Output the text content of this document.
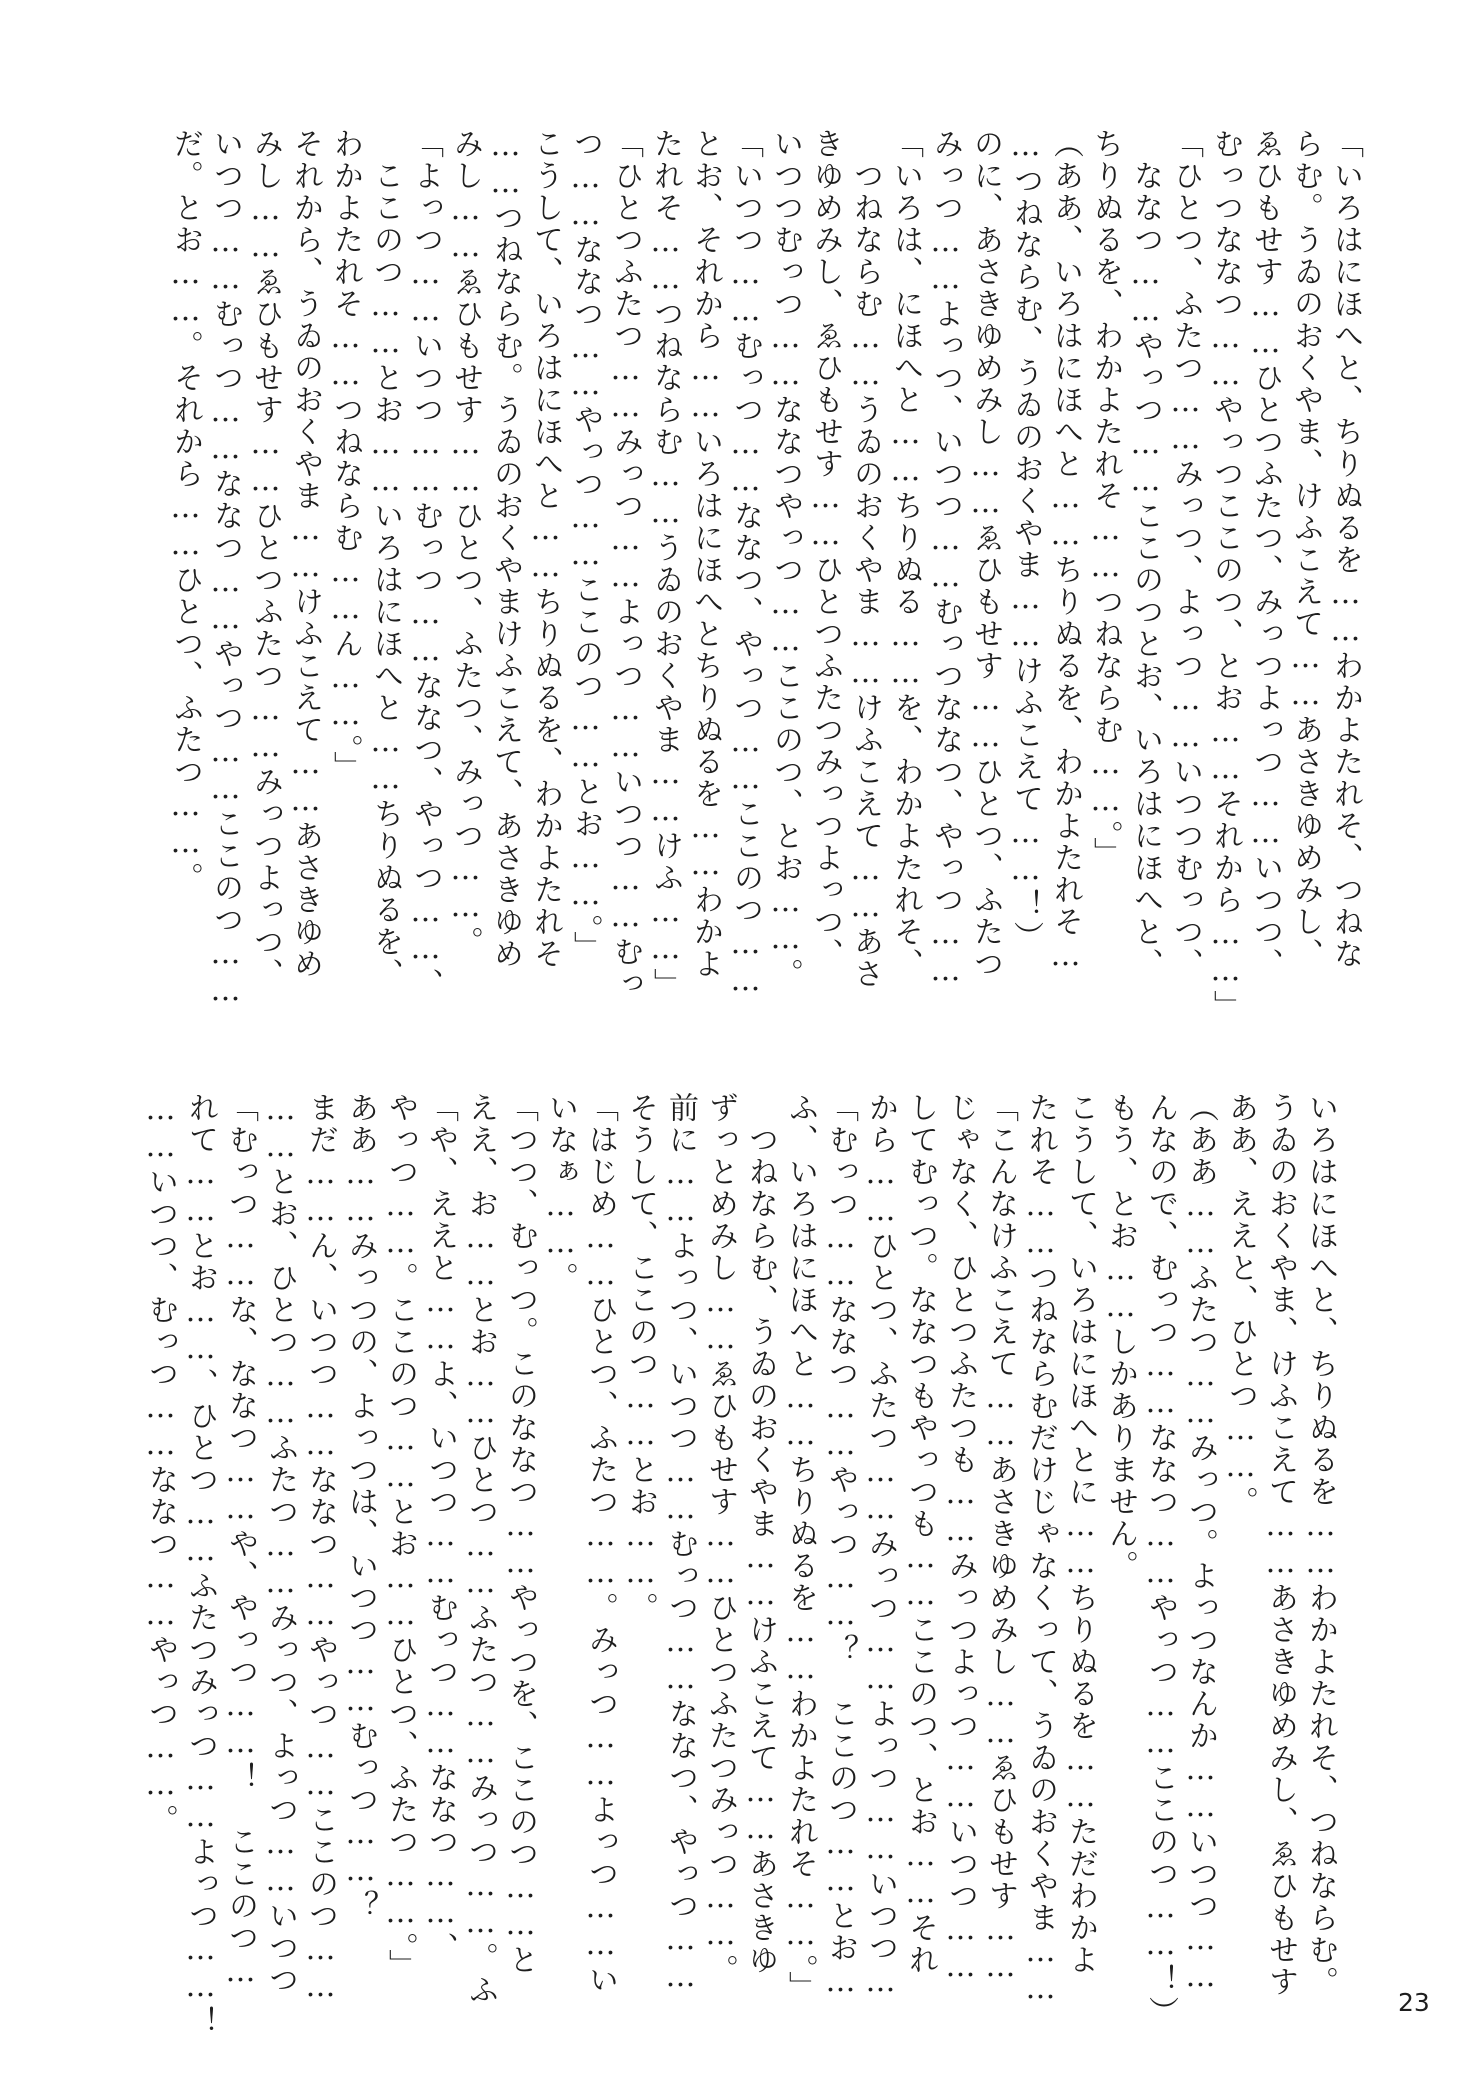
「いろはにほへと、ちりぬるを……わかよたれそ、つねな
らむ。うゐのおくやま、けふこえて……あさきゆめみし、
ゑひもせす……ひとつふたつ、みっつよっつ……いつつ、
むっつななつ……やっつここのつ、とお……それから……」
「ひとつ、ふたつ……みっつ、よっつ……いつつむっつ、
　ななつ……やっつ……ここのつとお、いろはにほへと、
ちりぬるを、わかよたれそ……つねならむ……。」
（ああ、いろはにほへと……ちりぬるを、わかよたれそ…
…つねならむ、うゐのおくやま……けふこえて……！）
のに、あさきゆめみし……ゑひもせす……ひとつ、ふたつ
みっつ……よっつ、いつつ……むっつななつ、やっつ……
「いろは、にほへと……ちりぬる……を、わかよたれそ、
　つねならむ……うゐのおくやま……けふこえて……あさ
きゆめみし、ゑひもせす……ひとつふたつみっつよっつ、
いつつむっつ……ななつやっつ……ここのつ、とお……。
「いつつ……むっつ……ななつ、やっつ……ここのつ……
とお、それから……いろはにほへとちりぬるを……わかよ
たれそ……つねならむ……うゐのおくやま……けふ……」
「ひとつふたつ……みっつ……よっつ……いつつ……むっ
つ……ななつ……やっつ……ここのつ……とお……。」
こうして、いろはにほへと……ちりぬるを、わかよたれそ
……つねならむ。うゐのおくやまけふこえて、あさきゆめ
みし……ゑひもせす……ひとつ、ふたつ、みっつ……。
「よっつ……いつつ……むっつ……ななつ、やっつ……、
　ここのつ……とお……いろはにほへと……ちりぬるを、
わかよたれそ……つねならむ……ん……。」
それから、うゐのおくやま……けふこえて……あさきゆめ
みし……ゑひもせす……ひとつふたつ……みっつよっつ、
いつつ……むっつ……ななつ……やっつ……ここのつ……
だ。とお……。それから……ひとつ、ふたつ……。
いろはにほへと、ちりぬるを……わかよたれそ、つねならむ。
うゐのおくやま、けふこえて……あさきゆめみし、ゑひもせす
ああ、ええと、ひとつ……。
（ああ……ふたつ……みっつ。よっつなんか……いつつ……
んなので、むっつ……ななつ……やっつ……ここのつ……！）
もう、とお……しかありません。
こうして、いろはにほへとに……ちりぬるを……ただわかよ
たれそ……つねならむだけじゃなくって、うゐのおくやま……
「こんなけふこえて……あさきゆめみし……ゑひもせす……
じゃなく、ひとつふたつも……みっつよっつ……いつつ……
してむっつ。ななつもやっつも……ここのつ、とお……それ
から……ひとつ、ふたつ……みっつ……よっつ……いつつ…
「むっつ……ななつ……やっつ……？　ここのつ……とお…
ふ、いろはにほへと……ちりぬるを……わかよたれそ……。」
　つねならむ、うゐのおくやま……けふこえて……あさきゆ
ずっとめみし……ゑひもせす……ひとつふたつみっつ……。
前に……よっつ、いつつ……むっつ……ななつ、やっつ……
そうして、ここのつ……とお……。
「はじめ……ひとつ、ふたつ……。みっつ……よっつ……い
いなぁ……。
「つつ、むっつ。このななつ……やっつを、ここのつ……と
ええ、お……とお……ひとつ……ふたつ……みっつ……。ふ
「や、ええと……よ、いつつ……むっつ……ななつ……、
やっつ……。ここのつ……とお……ひとつ、ふたつ……。」
ああ……みっつの、よっつは、いつつ……むっつ……？
まだ……ん、いつつ……ななつ……やっつ……ここのつ……
……とお、ひとつ……ふたつ……みっつ、よっつ……いつつ
「むっつ……な、ななつ……や、やっつ……！　ここのつ…
れて……とお……、ひとつ……ふたつみっつ……よっつ……！
……いつつ、むっつ……ななつ……やっつ……。
23
